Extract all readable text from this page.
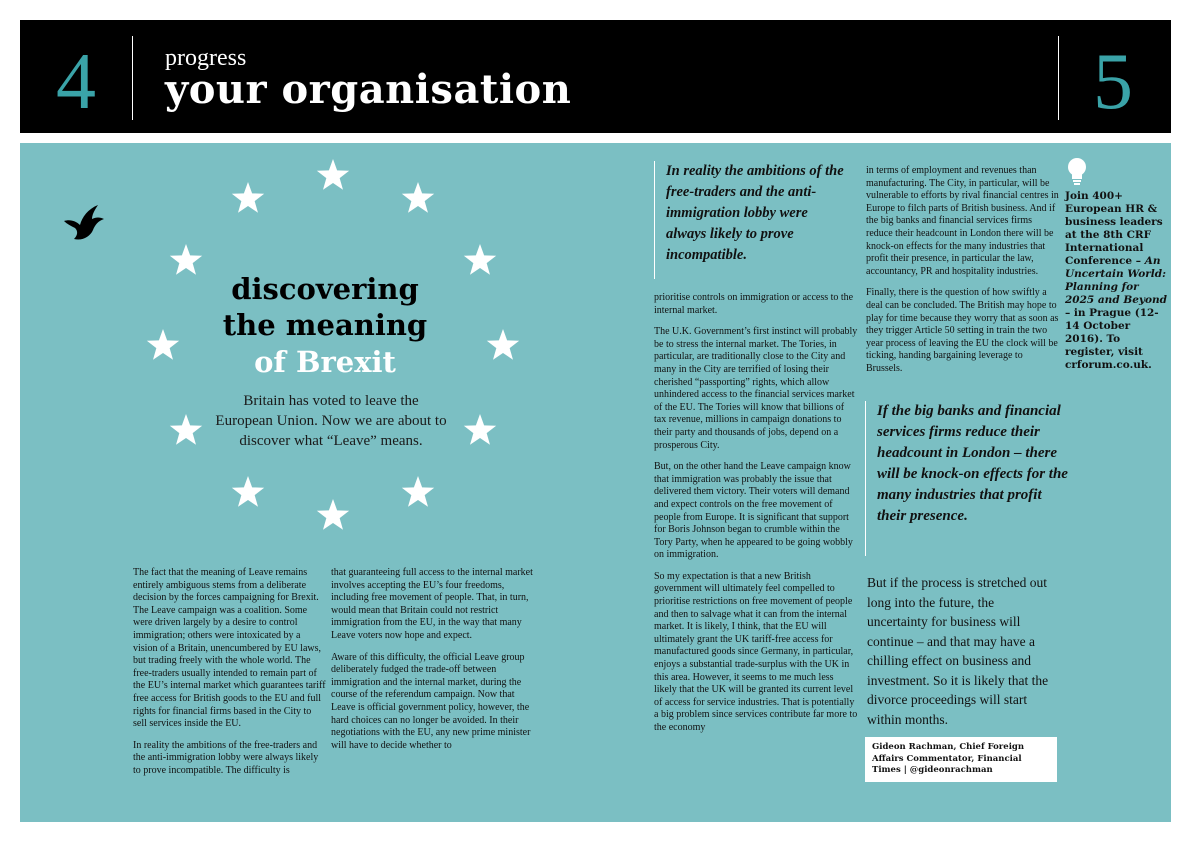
4	progress
your organisation	5
discovering
the meaning
of Brexit
Britain has voted to leave the European Union. Now we are about to discover what “Leave” means.

The fact that the meaning of Leave remains entirely ambiguous stems from a deliberate decision by the forces campaigning for Brexit. The Leave campaign was a coalition. Some were driven largely by a desire to control immigration; others were intoxicated by a vision of a Britain, unencumbered by EU laws, but trading freely with the whole world. The free-traders usually intended to remain part of the EU’s internal market which guarantees tariff free access for British goods to the EU and full rights for financial firms based in the City to sell services inside the EU.

In reality the ambitions of the free-traders and the anti-immigration lobby were always likely to prove incompatible. The difficulty is

that guaranteeing full access to the internal market involves accepting the EU’s four freedoms, including free movement of people. That, in turn, would mean that Britain could not restrict immigration from the EU, in the way that many Leave voters now hope and expect.

Aware of this difficulty, the official Leave group deliberately fudged the trade-off between immigration and the internal market, during the course of the referendum campaign. Now that Leave is official government policy, however, the hard choices can no longer be avoided. In their negotiations with the EU, any new prime minister will have to decide whether to

In reality the ambitions of the free-traders and the anti-immigration lobby were always likely to prove incompatible.

prioritise controls on immigration or access to the internal market.

The U.K. Government’s first instinct will probably be to stress the internal market. The Tories, in particular, are traditionally close to the City and many in the City are terrified of losing their cherished “passporting” rights, which allow unhindered access to the financial services market of the EU. The Tories will know that billions of tax revenue, millions in campaign donations to their party and thousands of jobs, depend on a prosperous City.

But, on the other hand the Leave campaign know that immigration was probably the issue that delivered them victory. Their voters will demand and expect controls on the free movement of people from Europe. It is significant that support for Boris Johnson began to crumble within the Tory Party, when he appeared to be going wobbly on immigration.

So my expectation is that a new British government will ultimately feel compelled to prioritise restrictions on free movement of people and then to salvage what it can from the internal market. It is likely, I think, that the EU will ultimately grant the UK tariff-free access for manufactured goods since Germany, in particular, enjoys a substantial trade-surplus with the UK in this area. However, it seems to me much less likely that the UK will be granted its current level of access for service industries. That is potentially a big problem since services contribute far more to the economy

in terms of employment and revenues than manufacturing. The City, in particular, will be vulnerable to efforts by rival financial centres in Europe to filch parts of British business. And if the big banks and financial services firms reduce their headcount in London there will be knock-on effects for the many industries that profit their presence, in particular the law, accountancy, PR and hospitality industries.

Finally, there is the question of how swiftly a deal can be concluded. The British may hope to play for time because they worry that as soon as they trigger Article 50 setting in train the two year process of leaving the EU the clock will be ticking, handing bargaining leverage to Brussels.

If the big banks and financial services firms reduce their headcount in London – there will be knock-on effects for the many industries that profit their presence.
But if the process is stretched out long into the future, the uncertainty for business will continue – and that may have a chilling effect on business and investment. So it is likely that the divorce proceedings will start within months.
Gideon Rachman, Chief Foreign Affairs Commentator, Financial Times | @gideonrachman
Join 400+ European HR & business leaders at the 8th CRF International Conference – An Uncertain World: Planning for 2025 and Beyond – in Prague (12-14 October 2016). To register, visit crforum.co.uk.
